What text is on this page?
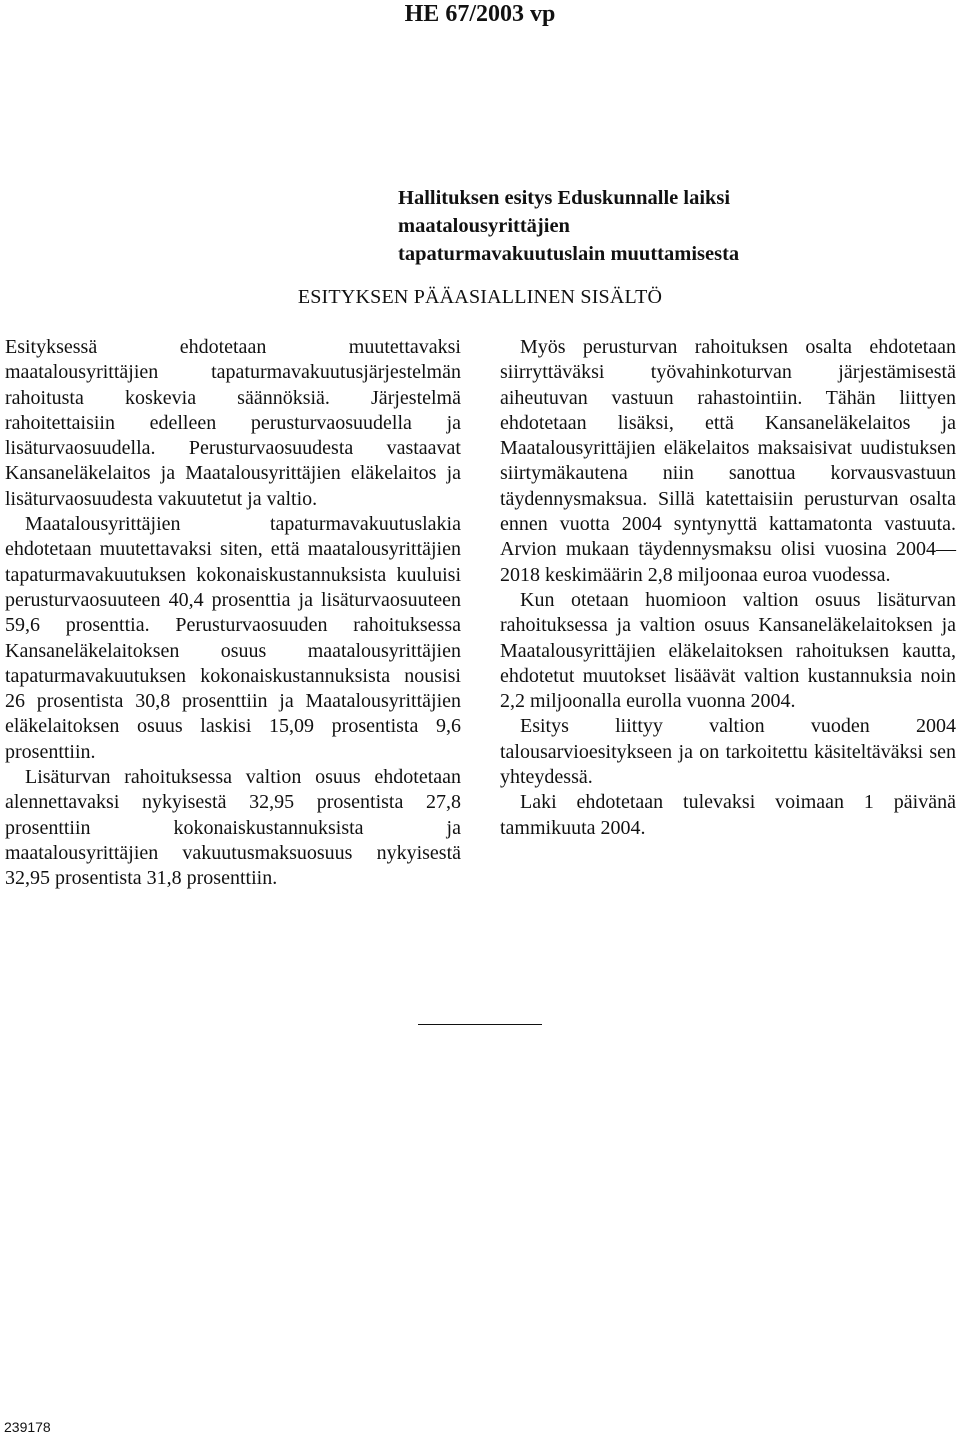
HE 67/2003 vp
Hallituksen esitys Eduskunnalle laiksi maatalousyrittäjien tapaturmavakuutuslain muuttamisesta
ESITYKSEN PÄÄASIALLINEN SISÄLTÖ

Esityksessä ehdotetaan muutettavaksi maatalousyrittäjien tapaturmavakuutusjärjestelmän rahoitusta koskevia säännöksiä. Järjestelmä rahoitettaisiin edelleen perusturvaosuudella ja lisäturvaosuudella. Perusturvaosuudesta vastaavat Kansaneläkelaitos ja Maatalousyrittäjien eläkelaitos ja lisäturvaosuudesta vakuutetut ja valtio.

Maatalousyrittäjien tapaturmavakuutuslakia ehdotetaan muutettavaksi siten, että maatalousyrittäjien tapaturmavakuutuksen kokonaiskustannuksista kuuluisi perusturvaosuuteen 40,4 prosenttia ja lisäturvaosuuteen 59,6 prosenttia. Perusturvaosuuden rahoituksessa Kansaneläkelaitoksen osuus maatalousyrittäjien tapaturmavakuutuksen kokonaiskustannuksista nousisi 26 prosentista 30,8 prosenttiin ja Maatalousyrittäjien eläkelaitoksen osuus laskisi 15,09 prosentista 9,6 prosenttiin.

Lisäturvan rahoituksessa valtion osuus ehdotetaan alennettavaksi nykyisestä 32,95 prosentista 27,8 prosenttiin kokonaiskustannuksista ja maatalousyrittäjien vakuutusmaksuosuus nykyisestä 32,95 prosentista 31,8 prosenttiin.

Myös perusturvan rahoituksen osalta ehdotetaan siirryttäväksi työvahinkoturvan järjestämisestä aiheutuvan vastuun rahastointiin. Tähän liittyen ehdotetaan lisäksi, että Kansaneläkelaitos ja Maatalousyrittäjien eläkelaitos maksaisivat uudistuksen siirtymäkautena niin sanottua korvausvastuun täydennysmaksua. Sillä katettaisiin perusturvan osalta ennen vuotta 2004 syntynyttä kattamatonta vastuuta. Arvion mukaan täydennysmaksu olisi vuosina 2004—2018 keskimäärin 2,8 miljoonaa euroa vuodessa.

Kun otetaan huomioon valtion osuus lisäturvan rahoituksessa ja valtion osuus Kansaneläkelaitoksen ja Maatalousyrittäjien eläkelaitoksen rahoituksen kautta, ehdotetut muutokset lisäävät valtion kustannuksia noin 2,2 miljoonalla eurolla vuonna 2004.

Esitys liittyy valtion vuoden 2004 talousarvioesitykseen ja on tarkoitettu käsiteltäväksi sen yhteydessä.

Laki ehdotetaan tulevaksi voimaan 1 päivänä tammikuuta 2004.

239178
